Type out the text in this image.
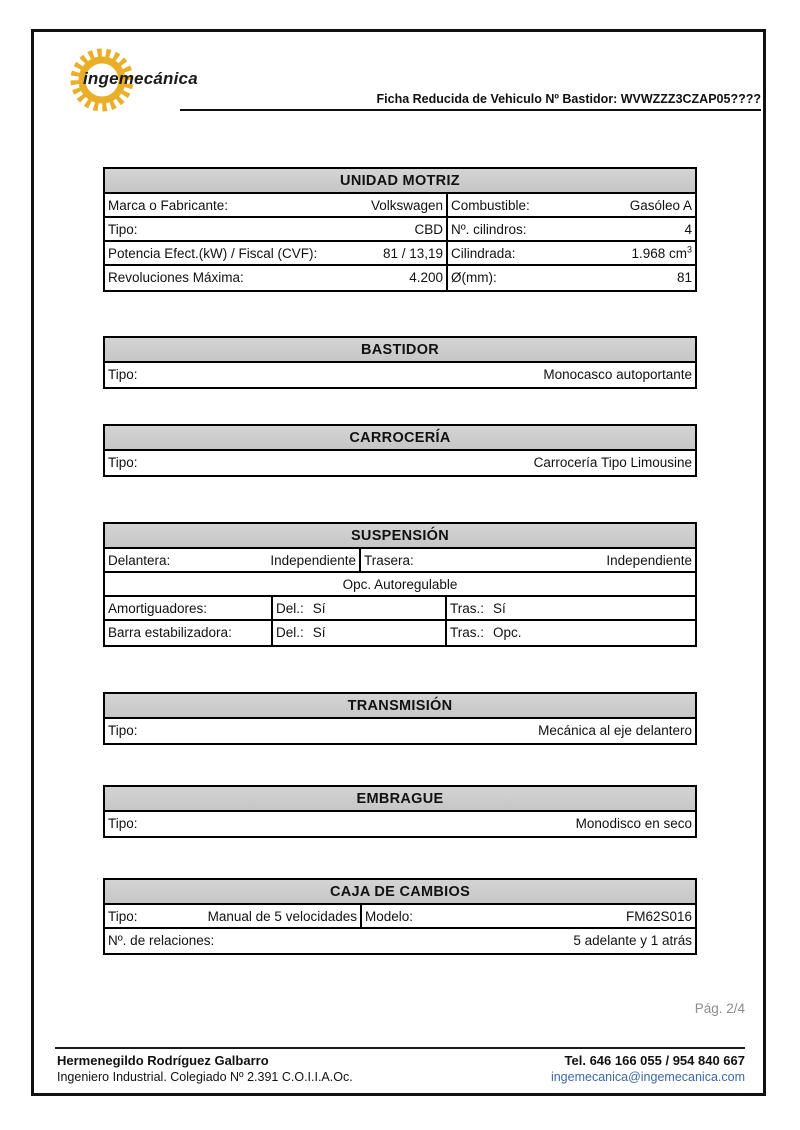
ingemecánica
Ficha Reducida de Vehiculo Nº Bastidor: WVWZZZ3CZAP05????
UNIDAD MOTRIZ
Marca o Fabricante:	Volkswagen Combustible:	Gasóleo A
Tipo:	CBD Nº. cilindros:	4
Potencia Efect.(kW) / Fiscal (CVF):	81 / 13,19 Cilindrada:	1.968 $cm^3$
Revoluciones Máxima:	4.200 Ø(mm):	81
BASTIDOR
Tipo:	Monocasco autoportante
CARROCERÍA
Tipo:	Carrocería Tipo Limousine
SUSPENSIÓN
Delantera:	Independiente Trasera:	Independiente
Opc. Autoregulable
Amortiguadores:	Del.: Sí	Tras.: Sí
Barra estabilizadora:	Del.: Sí	Tras.: Opc.
TRANSMISIÓN
Tipo:	Mecánica al eje delantero
EMBRAGUE
Tipo:	Monodisco en seco
CAJA DE CAMBIOS
Tipo:	Manual de 5 velocidades Modelo:	FM62S016
Nº. de relaciones:	5 adelante y 1 atrás
Pág. 2/4
Hermenegildo Rodríguez Galbarro
Ingeniero Industrial. Colegiado Nº 2.391 C.O.I.I.A.Oc.
Tel. 646 166 055 / 954 840 667
ingemecanica@ingemecanica.com
